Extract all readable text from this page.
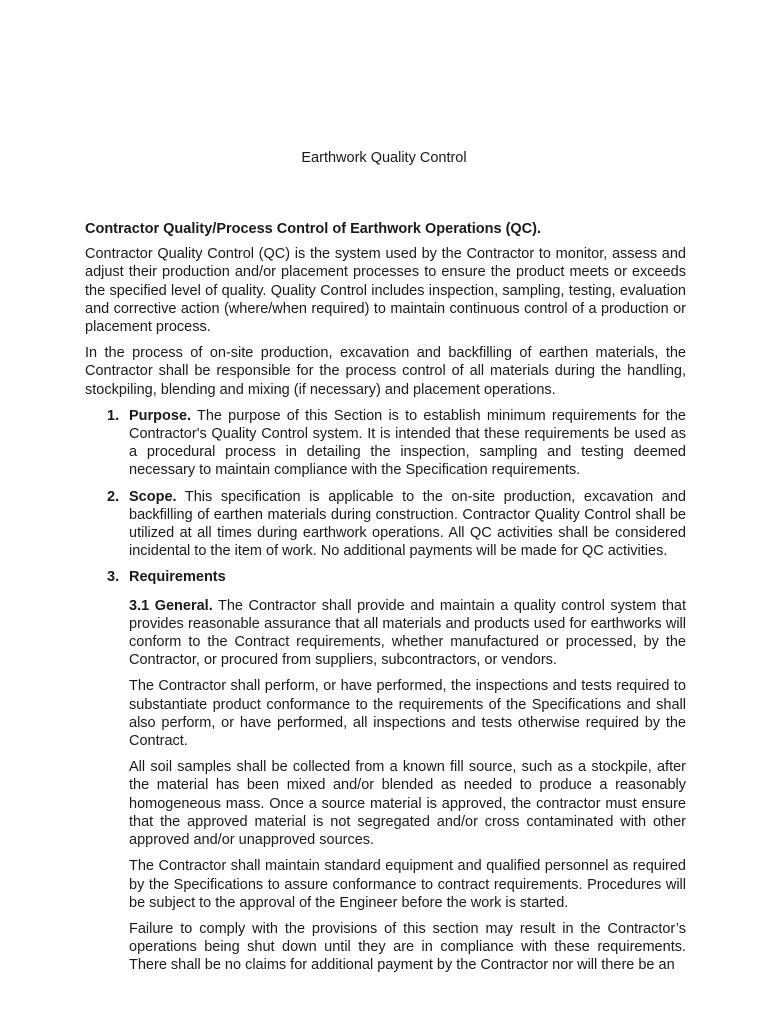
Earthwork Quality Control
Contractor Quality/Process Control of Earthwork Operations (QC).

Contractor Quality Control (QC) is the system used by the Contractor to monitor, assess and adjust their production and/or placement processes to ensure the product meets or exceeds the specified level of quality. Quality Control includes inspection, sampling, testing, evaluation and corrective action (where/when required) to maintain continuous control of a production or placement process.

In the process of on-site production, excavation and backfilling of earthen materials, the Contractor shall be responsible for the process control of all materials during the handling, stockpiling, blending and mixing (if necessary) and placement operations.

1. Purpose. The purpose of this Section is to establish minimum requirements for the Contractor's Quality Control system. It is intended that these requirements be used as a procedural process in detailing the inspection, sampling and testing deemed necessary to maintain compliance with the Specification requirements.
2. Scope. This specification is applicable to the on-site production, excavation and backfilling of earthen materials during construction. Contractor Quality Control shall be utilized at all times during earthwork operations. All QC activities shall be considered incidental to the item of work. No additional payments will be made for QC activities.
3. Requirements

3.1 General. The Contractor shall provide and maintain a quality control system that provides reasonable assurance that all materials and products used for earthworks will conform to the Contract requirements, whether manufactured or processed, by the Contractor, or procured from suppliers, subcontractors, or vendors.

The Contractor shall perform, or have performed, the inspections and tests required to substantiate product conformance to the requirements of the Specifications and shall also perform, or have performed, all inspections and tests otherwise required by the Contract.

All soil samples shall be collected from a known fill source, such as a stockpile, after the material has been mixed and/or blended as needed to produce a reasonably homogeneous mass. Once a source material is approved, the contractor must ensure that the approved material is not segregated and/or cross contaminated with other approved and/or unapproved sources.

The Contractor shall maintain standard equipment and qualified personnel as required by the Specifications to assure conformance to contract requirements. Procedures will be subject to the approval of the Engineer before the work is started.

Failure to comply with the provisions of this section may result in the Contractor’s operations being shut down until they are in compliance with these requirements. There shall be no claims for additional payment by the Contractor nor will there be an
